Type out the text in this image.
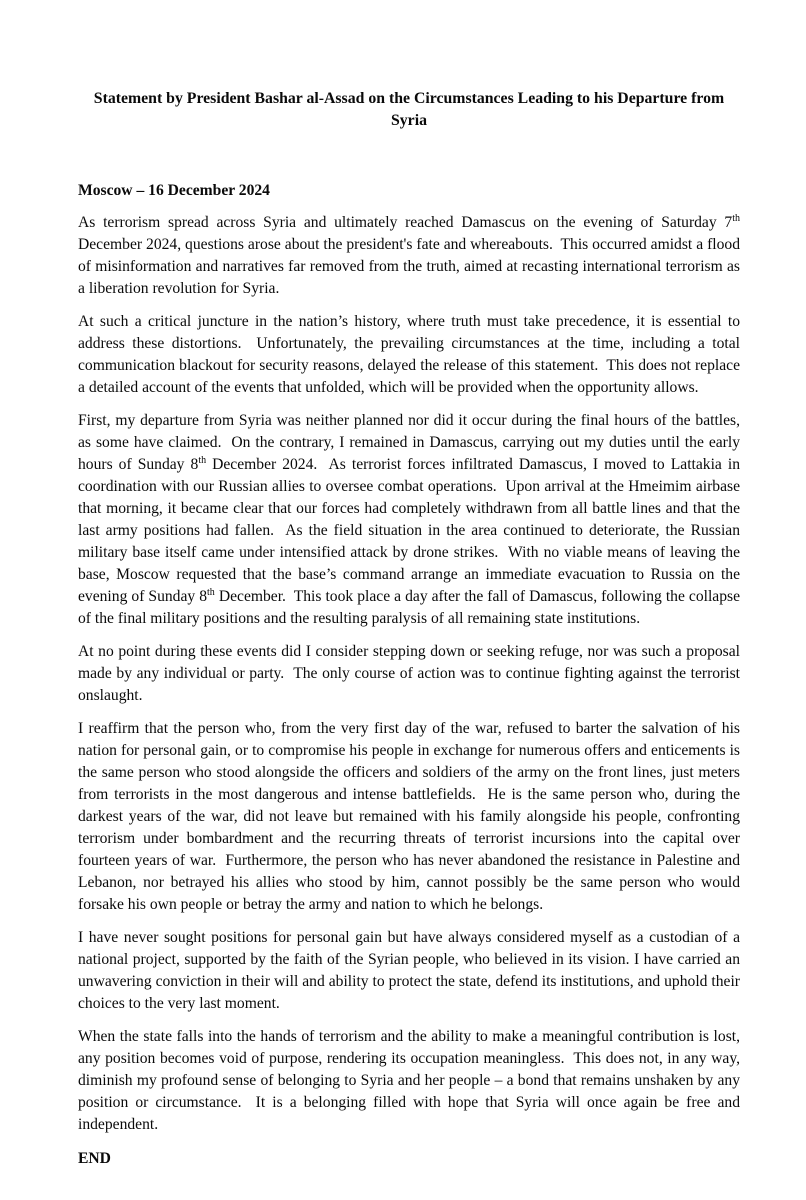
Statement by President Bashar al-Assad on the Circumstances Leading to his Departure from Syria

Moscow – 16 December 2024

As terrorism spread across Syria and ultimately reached Damascus on the evening of Saturday 7th December 2024, questions arose about the president's fate and whereabouts.  This occurred amidst a flood of misinformation and narratives far removed from the truth, aimed at recasting international terrorism as a liberation revolution for Syria.

At such a critical juncture in the nation’s history, where truth must take precedence, it is essential to address these distortions.  Unfortunately, the prevailing circumstances at the time, including a total communication blackout for security reasons, delayed the release of this statement.  This does not replace a detailed account of the events that unfolded, which will be provided when the opportunity allows.

First, my departure from Syria was neither planned nor did it occur during the final hours of the battles, as some have claimed.  On the contrary, I remained in Damascus, carrying out my duties until the early hours of Sunday 8th December 2024.  As terrorist forces infiltrated Damascus, I moved to Lattakia in coordination with our Russian allies to oversee combat operations.  Upon arrival at the Hmeimim airbase that morning, it became clear that our forces had completely withdrawn from all battle lines and that the last army positions had fallen.  As the field situation in the area continued to deteriorate, the Russian military base itself came under intensified attack by drone strikes.  With no viable means of leaving the base, Moscow requested that the base’s command arrange an immediate evacuation to Russia on the evening of Sunday 8th December.  This took place a day after the fall of Damascus, following the collapse of the final military positions and the resulting paralysis of all remaining state institutions.

At no point during these events did I consider stepping down or seeking refuge, nor was such a proposal made by any individual or party.  The only course of action was to continue fighting against the terrorist onslaught.

I reaffirm that the person who, from the very first day of the war, refused to barter the salvation of his nation for personal gain, or to compromise his people in exchange for numerous offers and enticements is the same person who stood alongside the officers and soldiers of the army on the front lines, just meters from terrorists in the most dangerous and intense battlefields.  He is the same person who, during the darkest years of the war, did not leave but remained with his family alongside his people, confronting terrorism under bombardment and the recurring threats of terrorist incursions into the capital over fourteen years of war.  Furthermore, the person who has never abandoned the resistance in Palestine and Lebanon, nor betrayed his allies who stood by him, cannot possibly be the same person who would forsake his own people or betray the army and nation to which he belongs.

I have never sought positions for personal gain but have always considered myself as a custodian of a national project, supported by the faith of the Syrian people, who believed in its vision. I have carried an unwavering conviction in their will and ability to protect the state, defend its institutions, and uphold their choices to the very last moment.

When the state falls into the hands of terrorism and the ability to make a meaningful contribution is lost, any position becomes void of purpose, rendering its occupation meaningless.  This does not, in any way, diminish my profound sense of belonging to Syria and her people – a bond that remains unshaken by any position or circumstance.  It is a belonging filled with hope that Syria will once again be free and independent.

END
